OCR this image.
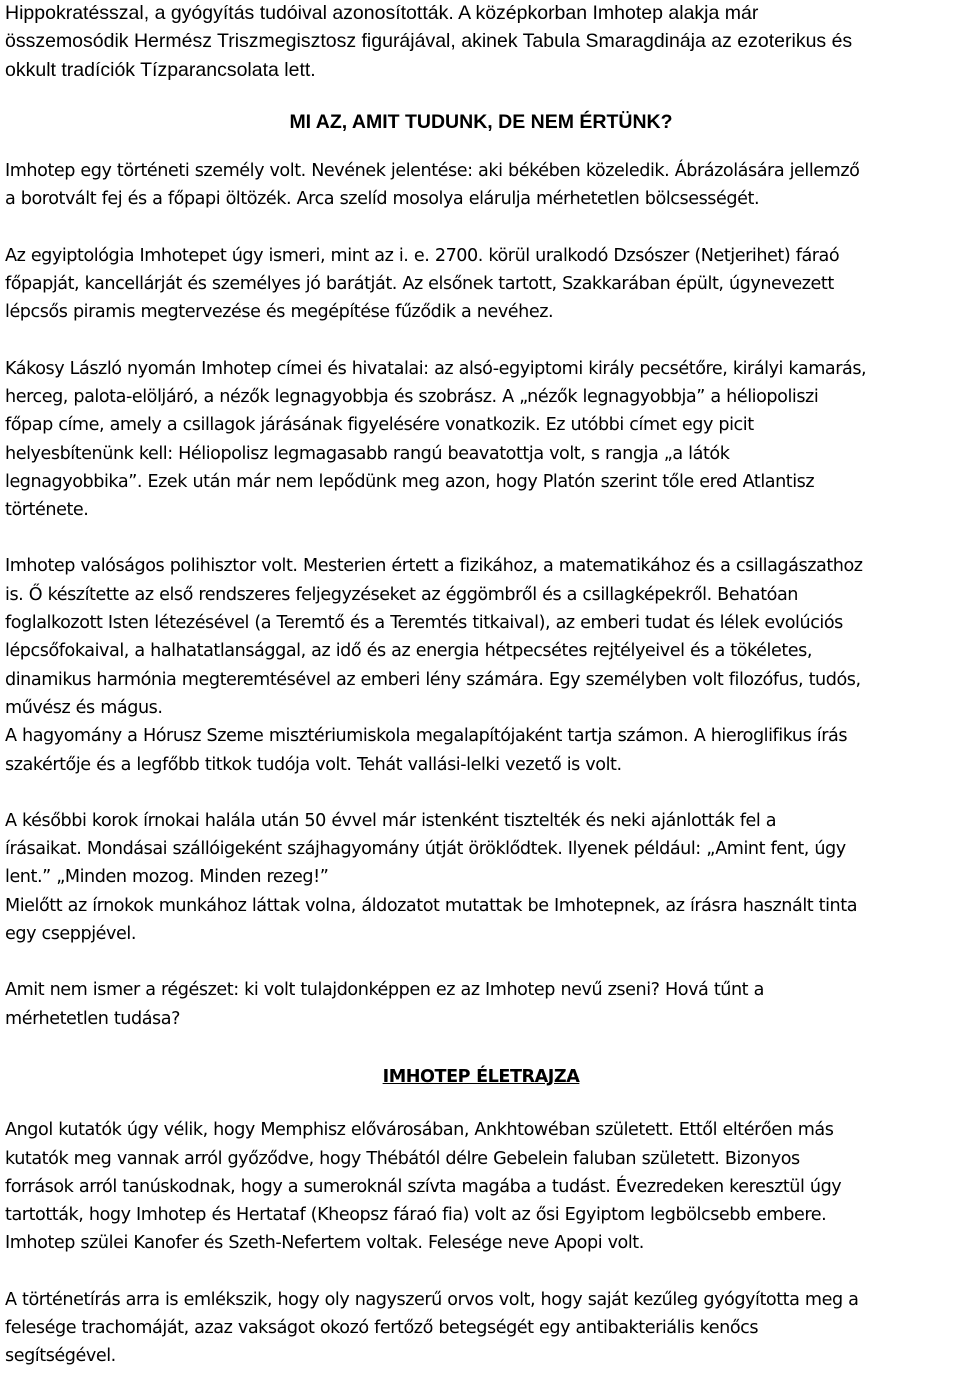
Hippokratésszal, a gyógyítás tudóival azonosították. A középkorban Imhotep alakja már
összemosódik Hermész Triszmegisztosz figurájával, akinek Tabula Smaragdinája az ezoterikus és
okkult tradíciók Tízparancsolata lett.

MI AZ, AMIT TUDUNK, DE NEM ÉRTÜNK?

Imhotep egy történeti személy volt. Nevének jelentése: aki békében közeledik. Ábrázolására jellemző
a borotvált fej és a főpapi öltözék. Arca szelíd mosolya elárulja mérhetetlen bölcsességét.

Az egyiptológia Imhotepet úgy ismeri, mint az i. e. 2700. körül uralkodó Dzsószer (Netjerihet) fáraó
főpapját, kancellárját és személyes jó barátját. Az elsőnek tartott, Szakkarában épült, úgynevezett
lépcsős piramis megtervezése és megépítése fűződik a nevéhez.

Kákosy László nyomán Imhotep címei és hivatalai: az alsó-egyiptomi király pecsétőre, királyi kamarás,
herceg, palota-elöljáró, a nézők legnagyobbja és szobrász. A „nézők legnagyobbja” a héliopoliszi
főpap címe, amely a csillagok járásának figyelésére vonatkozik. Ez utóbbi címet egy picit
helyesbítenünk kell: Héliopolisz legmagasabb rangú beavatottja volt, s rangja „a látók
legnagyobbika”. Ezek után már nem lepődünk meg azon, hogy Platón szerint tőle ered Atlantisz
története.

Imhotep valóságos polihisztor volt. Mesterien értett a fizikához, a matematikához és a csillagászathoz
is. Ő készítette az első rendszeres feljegyzéseket az éggömbről és a csillagképekről. Behatóan
foglalkozott Isten létezésével (a Teremtő és a Teremtés titkaival), az emberi tudat és lélek evolúciós
lépcsőfokaival, a halhatatlansággal, az idő és az energia hétpecsétes rejtélyeivel és a tökéletes,
dinamikus harmónia megteremtésével az emberi lény számára. Egy személyben volt filozófus, tudós,
művész és mágus.

A hagyomány a Hórusz Szeme misztériumiskola megalapítójaként tartja számon. A hieroglifikus írás
szakértője és a legfőbb titkok tudója volt. Tehát vallási-lelki vezető is volt.

A későbbi korok írnokai halála után 50 évvel már istenként tisztelték és neki ajánlották fel a
írásaikat. Mondásai szállóigeként szájhagyomány útját öröklődtek. Ilyenek például: „Amint fent, úgy
lent.” „Minden mozog. Minden rezeg!”

Mielőtt az írnokok munkához láttak volna, áldozatot mutattak be Imhotepnek, az írásra használt tinta
egy cseppjével.

Amit nem ismer a régészet: ki volt tulajdonképpen ez az Imhotep nevű zseni? Hová tűnt a
mérhetetlen tudása?

IMHOTEP ÉLETRAJZA

Angol kutatók úgy vélik, hogy Memphisz elővárosában, Ankhtowéban született. Ettől eltérően más
kutatók meg vannak arról győződve, hogy Thébától délre Gebelein faluban született. Bizonyos
források arról tanúskodnak, hogy a sumeroknál szívta magába a tudást. Évezredeken keresztül úgy
tartották, hogy Imhotep és Hertataf (Kheopsz fáraó fia) volt az ősi Egyiptom legbölcsebb embere.
Imhotep szülei Kanofer és Szeth-Nefertem voltak. Felesége neve Apopi volt.

A történetírás arra is emlékszik, hogy oly nagyszerű orvos volt, hogy saját kezűleg gyógyította meg a
felesége trachomáját, azaz vakságot okozó fertőző betegségét egy antibakteriális kenőcs
segítségével.
